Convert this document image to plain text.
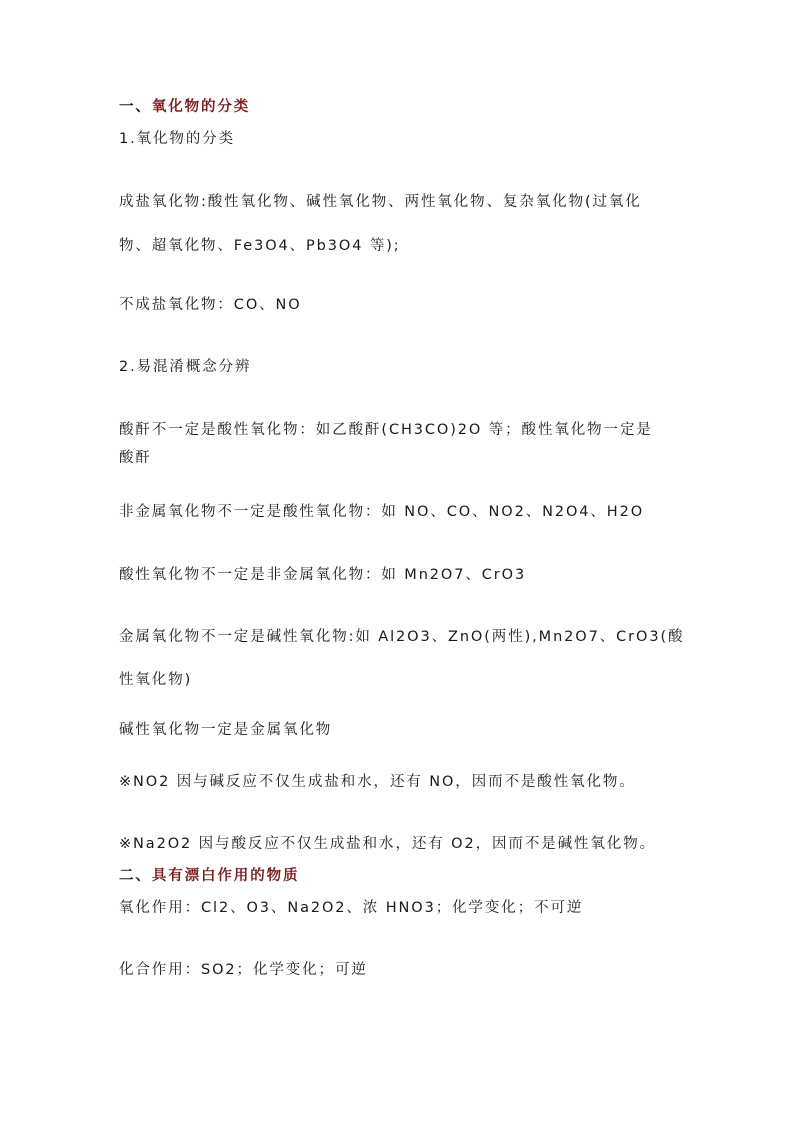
一、氧化物的分类
1.氧化物的分类
成盐氧化物:酸性氧化物、碱性氧化物、两性氧化物、复杂氧化物(过氧化
物、超氧化物、Fe3O4、Pb3O4 等);
不成盐氧化物：CO、NO
2.易混淆概念分辨
酸酐不一定是酸性氧化物：如乙酸酐(CH3CO)2O 等；酸性氧化物一定是
酸酐
非金属氧化物不一定是酸性氧化物：如 NO、CO、NO2、N2O4、H2O
酸性氧化物不一定是非金属氧化物：如 Mn2O7、CrO3
金属氧化物不一定是碱性氧化物:如 Al2O3、ZnO(两性),Mn2O7、CrO3(酸
性氧化物)
碱性氧化物一定是金属氧化物
※NO2 因与碱反应不仅生成盐和水，还有 NO，因而不是酸性氧化物。
※Na2O2 因与酸反应不仅生成盐和水，还有 O2，因而不是碱性氧化物。
二、具有漂白作用的物质
氧化作用：Cl2、O3、Na2O2、浓 HNO3；化学变化；不可逆
化合作用：SO2；化学变化；可逆
